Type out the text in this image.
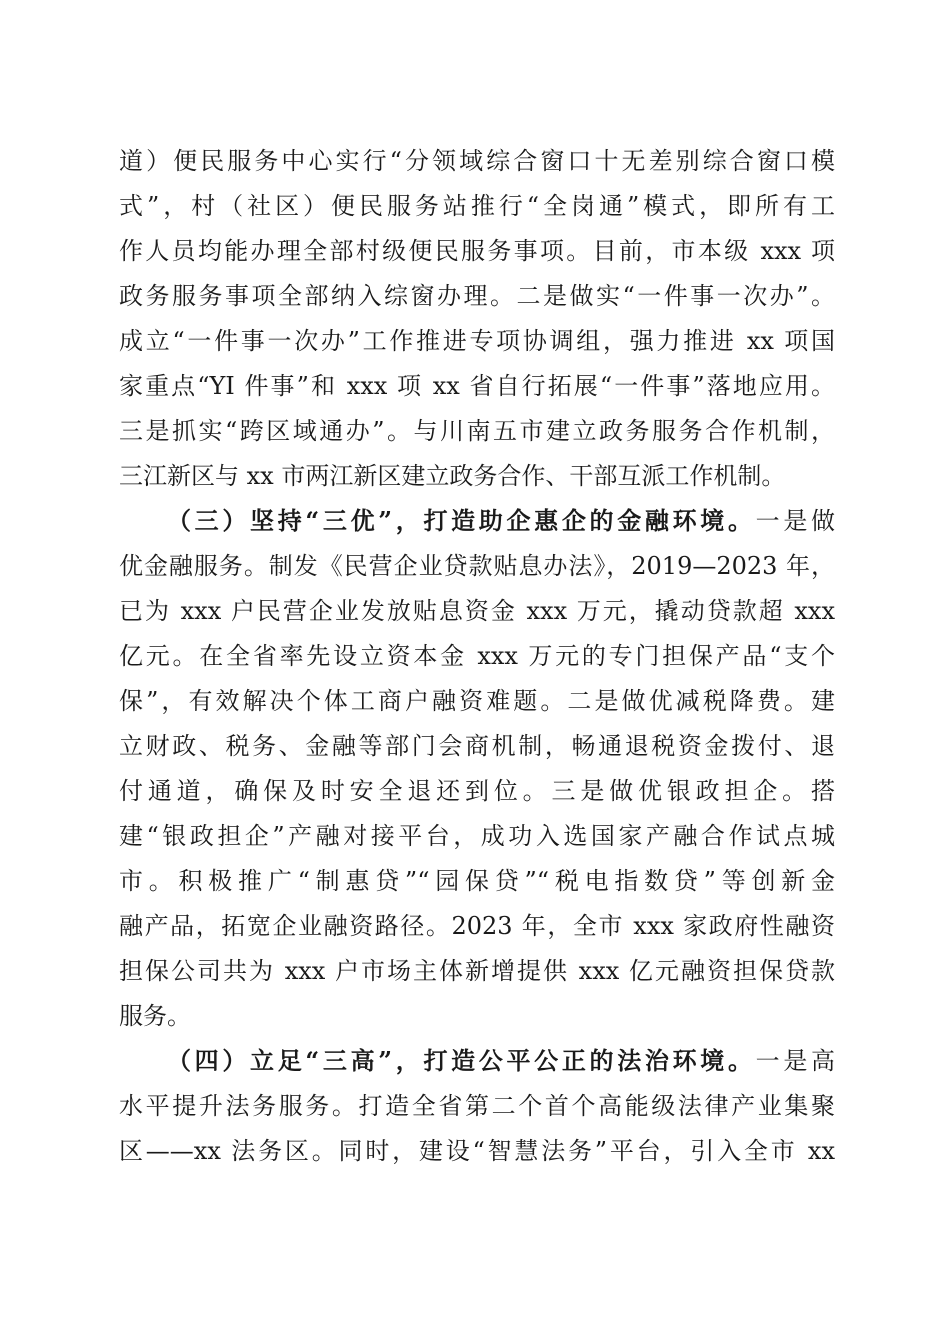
道）便民服务中心实行“分领域综合窗口十无差别综合窗口模
式”，村（社区）便民服务站推行“全岗通”模式，即所有工
作人员均能办理全部村级便民服务事项。目前，市本级 xxx 项
政务服务事项全部纳入综窗办理。二是做实“一件事一次办”。
成立“一件事一次办”工作推进专项协调组，强力推进 xx 项国
家重点“YI 件事”和 xxx 项 xx 省自行拓展“一件事”落地应用。
三是抓实“跨区域通办”。与川南五市建立政务服务合作机制，
三江新区与 xx 市两江新区建立政务合作、干部互派工作机制。
（三）坚持“三优”，打造助企惠企的金融环境。一是做
优金融服务。制发《民营企业贷款贴息办法》，2019—2023 年，
已为 xxx 户民营企业发放贴息资金 xxx 万元，撬动贷款超 xxx
亿元。在全省率先设立资本金 xxx 万元的专门担保产品“支个
保”，有效解决个体工商户融资难题。二是做优减税降费。建
立财政、税务、金融等部门会商机制，畅通退税资金拨付、退
付通道，确保及时安全退还到位。三是做优银政担企。搭
建“银政担企”产融对接平台，成功入选国家产融合作试点城
市。积极推广“制惠贷”“园保贷”“税电指数贷”等创新金
融产品，拓宽企业融资路径。2023 年，全市 xxx 家政府性融资
担保公司共为 xxx 户市场主体新增提供 xxx 亿元融资担保贷款
服务。
（四）立足“三高”，打造公平公正的法治环境。一是高
水平提升法务服务。打造全省第二个首个高能级法律产业集聚
区——xx 法务区。同时，建设“智慧法务”平台，引入全市 xx
